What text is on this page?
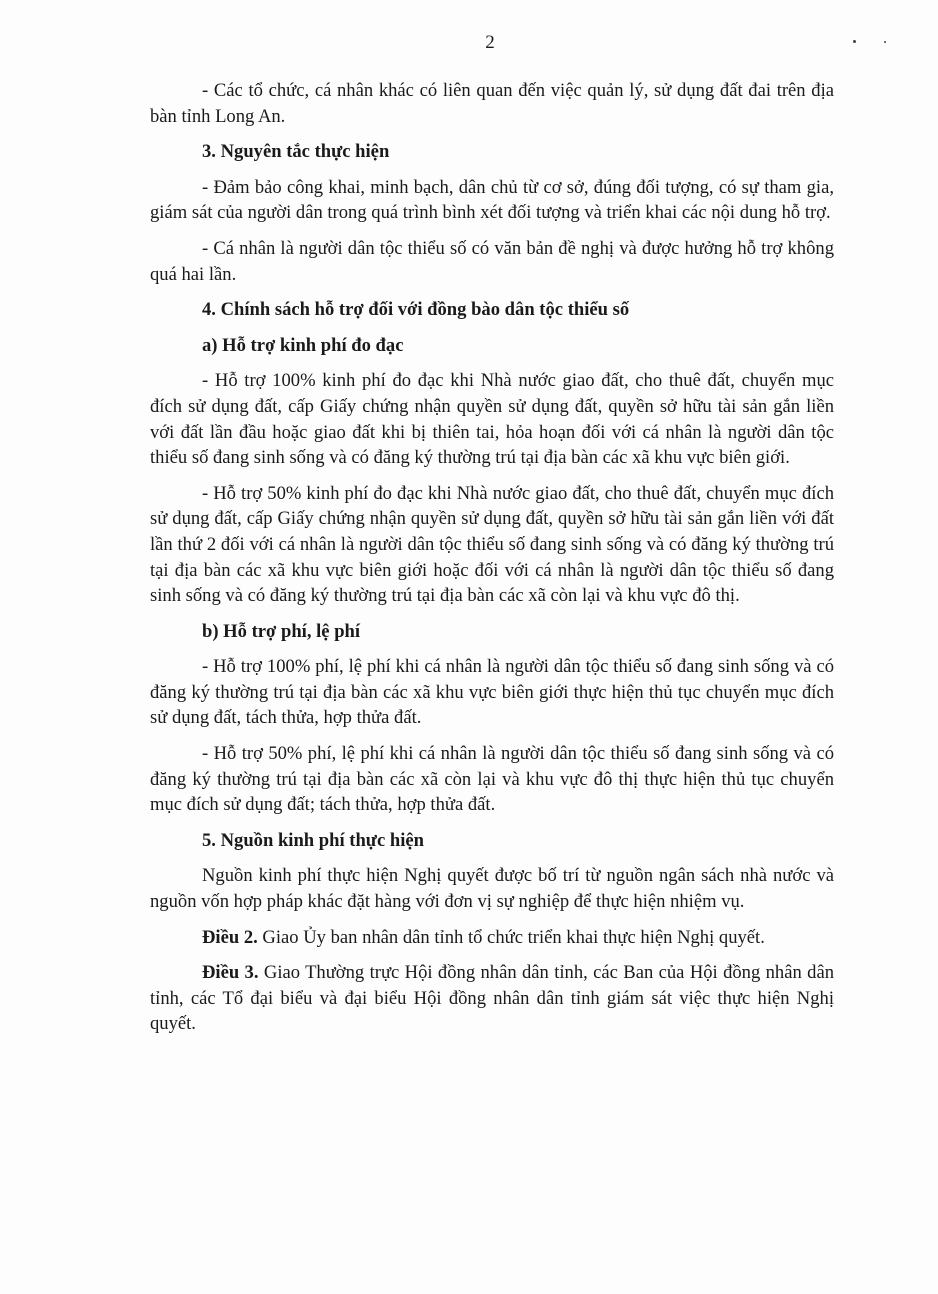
2

- Các tổ chức, cá nhân khác có liên quan đến việc quản lý, sử dụng đất đai trên địa bàn tỉnh Long An.

3. Nguyên tắc thực hiện

- Đảm bảo công khai, minh bạch, dân chủ từ cơ sở, đúng đối tượng, có sự tham gia, giám sát của người dân trong quá trình bình xét đối tượng và triển khai các nội dung hỗ trợ.

- Cá nhân là người dân tộc thiểu số có văn bản đề nghị và được hưởng hỗ trợ không quá hai lần.

4. Chính sách hỗ trợ đối với đồng bào dân tộc thiểu số
a) Hỗ trợ kinh phí đo đạc

- Hỗ trợ 100% kinh phí đo đạc khi Nhà nước giao đất, cho thuê đất, chuyển mục đích sử dụng đất, cấp Giấy chứng nhận quyền sử dụng đất, quyền sở hữu tài sản gắn liền với đất lần đầu hoặc giao đất khi bị thiên tai, hỏa hoạn đối với cá nhân là người dân tộc thiểu số đang sinh sống và có đăng ký thường trú tại địa bàn các xã khu vực biên giới.

- Hỗ trợ 50% kinh phí đo đạc khi Nhà nước giao đất, cho thuê đất, chuyển mục đích sử dụng đất, cấp Giấy chứng nhận quyền sử dụng đất, quyền sở hữu tài sản gắn liền với đất lần thứ 2 đối với cá nhân là người dân tộc thiểu số đang sinh sống và có đăng ký thường trú tại địa bàn các xã khu vực biên giới hoặc đối với cá nhân là người dân tộc thiểu số đang sinh sống và có đăng ký thường trú tại địa bàn các xã còn lại và khu vực đô thị.

b) Hỗ trợ phí, lệ phí

- Hỗ trợ 100% phí, lệ phí khi cá nhân là người dân tộc thiểu số đang sinh sống và có đăng ký thường trú tại địa bàn các xã khu vực biên giới thực hiện thủ tục chuyển mục đích sử dụng đất, tách thửa, hợp thửa đất.

- Hỗ trợ 50% phí, lệ phí khi cá nhân là người dân tộc thiểu số đang sinh sống và có đăng ký thường trú tại địa bàn các xã còn lại và khu vực đô thị thực hiện thủ tục chuyển mục đích sử dụng đất; tách thửa, hợp thửa đất.

5. Nguồn kinh phí thực hiện

Nguồn kinh phí thực hiện Nghị quyết được bố trí từ nguồn ngân sách nhà nước và nguồn vốn hợp pháp khác đặt hàng với đơn vị sự nghiệp để thực hiện nhiệm vụ.

Điều 2. Giao Ủy ban nhân dân tỉnh tổ chức triển khai thực hiện Nghị quyết.

Điều 3. Giao Thường trực Hội đồng nhân dân tỉnh, các Ban của Hội đồng nhân dân tỉnh, các Tổ đại biểu và đại biểu Hội đồng nhân dân tỉnh giám sát việc thực hiện Nghị quyết.
